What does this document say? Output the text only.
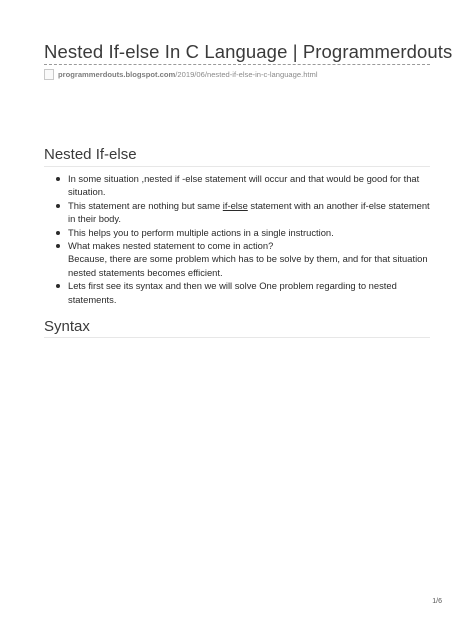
Nested If-else In C Language | Programmerdouts
programmerdouts.blogspot.com /2019/06/nested-if-else-in-c-language.html
Nested If-else
In some situation ,nested if -else statement will occur and that would be good for that situation.
This statement are nothing but same if-else statement with an another if-else statement in their body.
This helps you to perform multiple actions in a single instruction.
What makes nested statement to come in action?
Because, there are some problem which has to be solve by them, and for that situation nested statements becomes efficient.
Lets first see its syntax and then we will solve One problem regarding to nested statements.
Syntax
1/6
